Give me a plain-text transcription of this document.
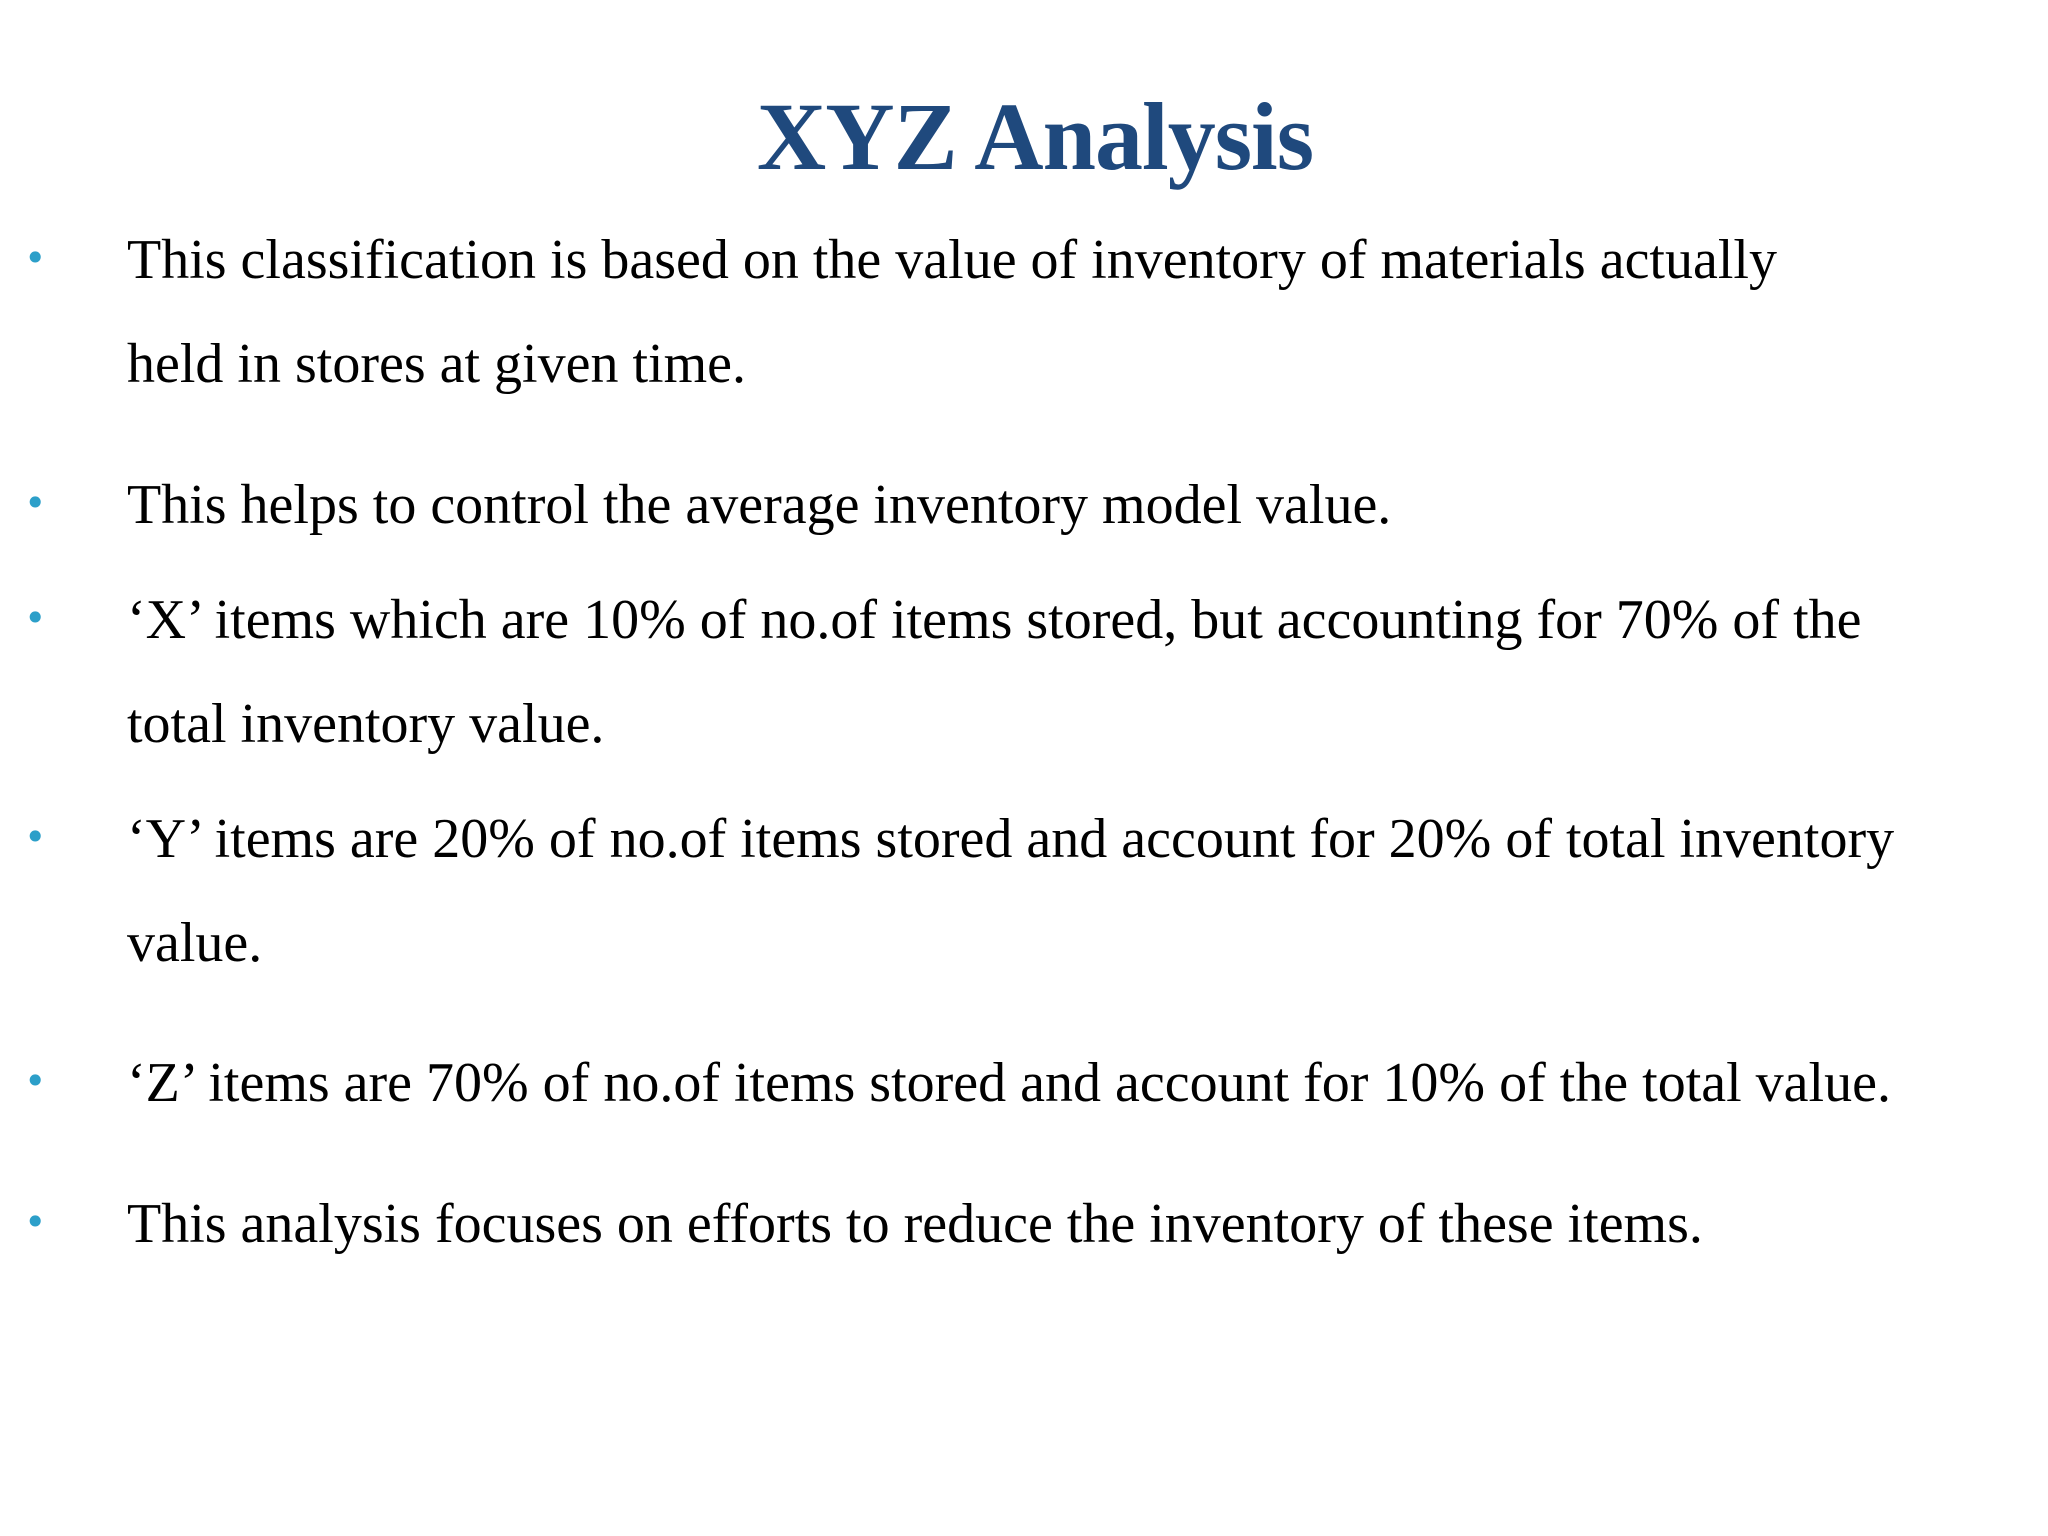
XYZ Analysis
• This classification is based on the value of inventory of materials actually
held in stores at given time.
• This helps to control the average inventory model value.
• ‘X’ items which are 10% of no.of items stored, but accounting for 70% of the
total inventory value.
• ‘Y’ items are 20% of no.of items stored and account for 20% of total inventory
value.
• ‘Z’ items are 70% of no.of items stored and account for 10% of the total value.
• This analysis focuses on efforts to reduce the inventory of these items.
